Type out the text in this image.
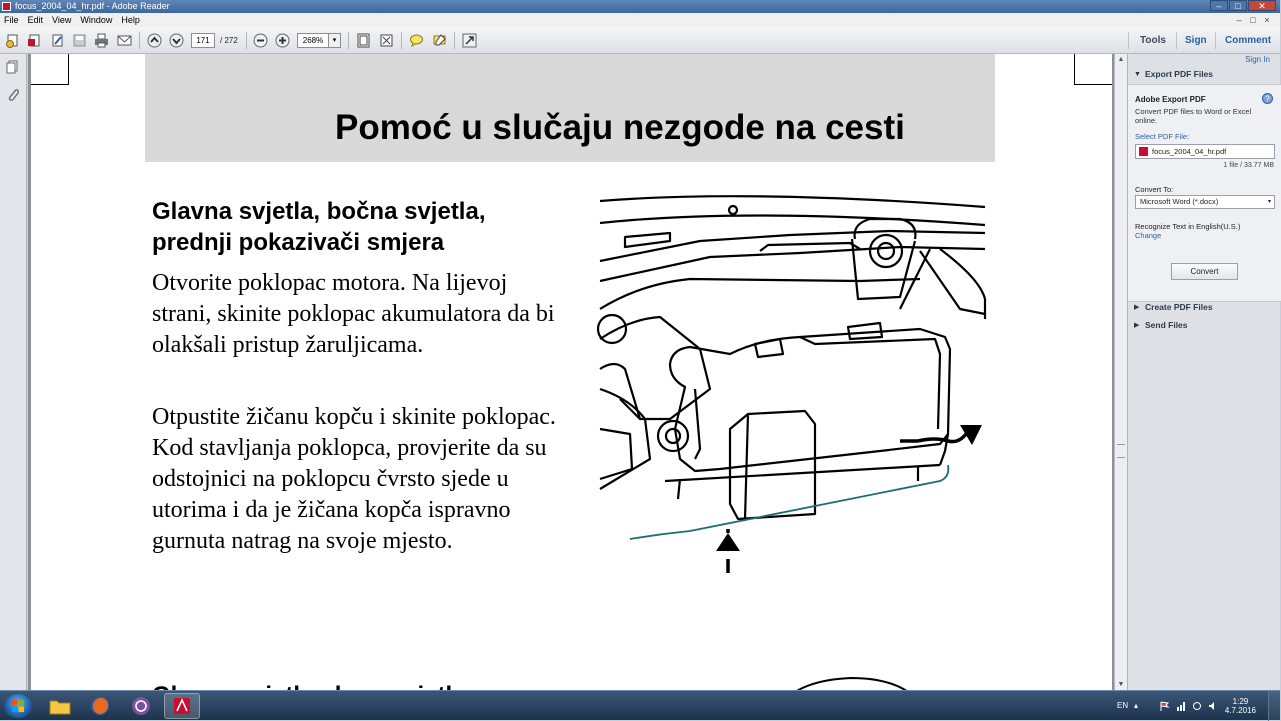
focus_2004_04_hr.pdf - Adobe Reader	–	□	✕
File Edit View Window Help	– □ ×
171	/ 272	268%	▾	Tools Sign Comment
Pomoć u slučaju nezgode na cesti
Glavna svjetla, bočna svjetla, prednji pokazivači smjera
Otvorite poklopac motora. Na lijevoj strani, skinite poklopac akumulatora da bi olakšali pristup žaruljicama.
Otpustite žičanu kopču i skinite poklopac. Kod stavljanja poklopca, provjerite da su odstojnici na poklopcu čvrsto sjede u utorima i da je žičana kopča ispravno gurnuta natrag na svoje mjesto.
▲
▼
Sign In
▼ Export PDF Files
Adobe Export PDF	?
Convert PDF files to Word or Excel online.
Select PDF File:
focus_2004_04_hr.pdf
1 file / 33.77 MB
Convert To:
Microsoft Word (*.docx)	▾
Recognize Text in English(U.S.)
Change
Convert
▶ Create PDF Files
▶ Send Files
EN ▴	1:29
4.7.2016
